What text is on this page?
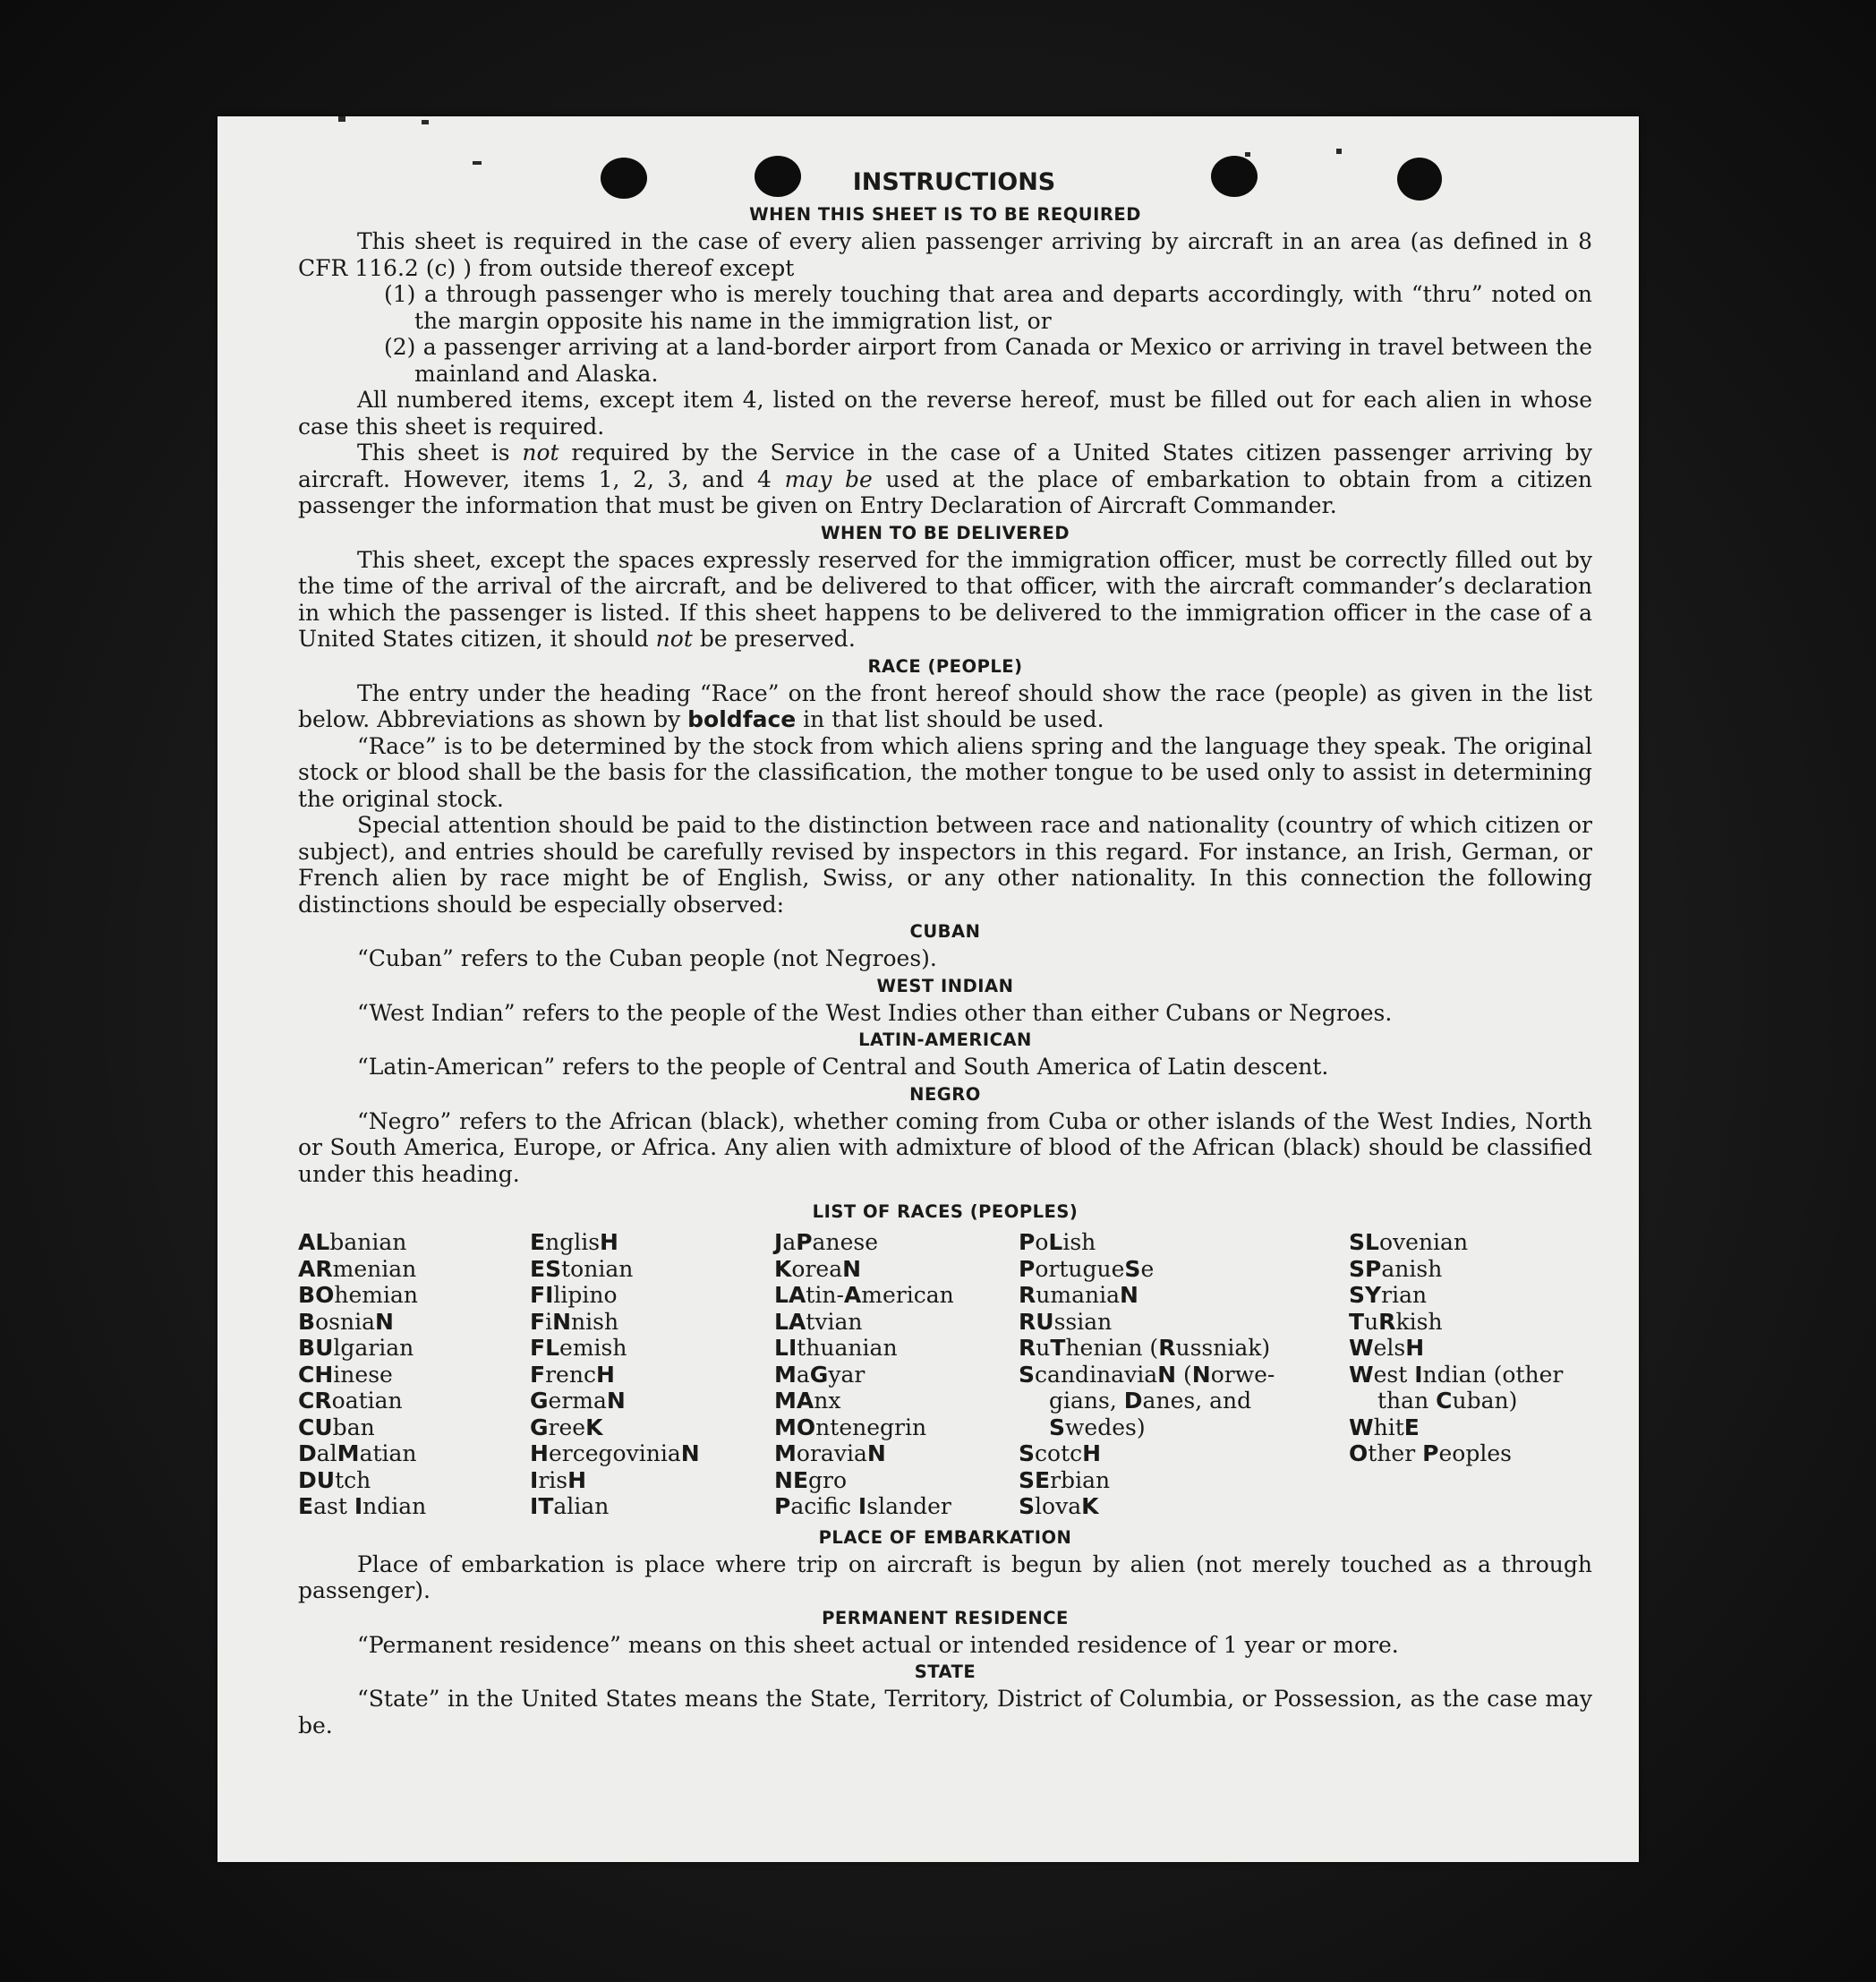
INSTRUCTIONS
WHEN THIS SHEET IS TO BE REQUIRED

This sheet is required in the case of every alien passenger arriving by aircraft in an area (as defined in 8 CFR 116.2 (c) ) from outside thereof except

(1) a through passenger who is merely touching that area and departs accordingly, with “thru” noted on the margin opposite his name in the immigration list, or

(2) a passenger arriving at a land-border airport from Canada or Mexico or arriving in travel between the mainland and Alaska.

All numbered items, except item 4, listed on the reverse hereof, must be filled out for each alien in whose case this sheet is required.

This sheet is not required by the Service in the case of a United States citizen passenger arriving by aircraft. However, items 1, 2, 3, and 4 may be used at the place of embarkation to obtain from a citizen passenger the information that must be given on Entry Declaration of Aircraft Commander.

WHEN TO BE DELIVERED

This sheet, except the spaces expressly reserved for the immigration officer, must be correctly filled out by the time of the arrival of the aircraft, and be delivered to that officer, with the aircraft commander’s declaration in which the passenger is listed. If this sheet happens to be delivered to the immigration officer in the case of a United States citizen, it should not be preserved.

RACE (PEOPLE)

The entry under the heading “Race” on the front hereof should show the race (people) as given in the list below. Abbreviations as shown by boldface in that list should be used.

“Race” is to be determined by the stock from which aliens spring and the language they speak. The original stock or blood shall be the basis for the classification, the mother tongue to be used only to assist in determining the original stock.

Special attention should be paid to the distinction between race and nationality (country of which citizen or subject), and entries should be carefully revised by inspectors in this regard. For instance, an Irish, German, or French alien by race might be of English, Swiss, or any other nationality. In this connection the following distinctions should be especially observed:

CUBAN

“Cuban” refers to the Cuban people (not Negroes).

WEST INDIAN

“West Indian” refers to the people of the West Indies other than either Cubans or Negroes.

LATIN-AMERICAN

“Latin-American” refers to the people of Central and South America of Latin descent.

NEGRO

“Negro” refers to the African (black), whether coming from Cuba or other islands of the West Indies, North or South America, Europe, or Africa. Any alien with admixture of blood of the African (black) should be classified under this heading.

LIST OF RACES (PEOPLES)
ALbanian
ARmenian
BOhemian
BosniaN
BUlgarian
CHinese
CRoatian
CUban
DalMatian
DUtch
East Indian
EnglisH
EStonian
FIlipino
FiNnish
FLemish
FrencH
GermaN
GreeK
HercegoviniaN
IrisH
ITalian
JaPanese
KoreaN
LAtin-American
LAtvian
LIthuanian
MaGyar
MAnx
MOntenegrin
MoraviaN
NEgro
Pacifc Islander
PoLish
PortugueSe
RumaniaN
RUssian
RuThenian (Russniak)
ScandinaviaN (Norwe-
gians, Danes, and
Swedes)
ScotcH
SErbian
SlovaK
SLovenian
SPanish
SYrian
TuRkish
WelsH
West Indian (other
than Cuban)
WhitE
Other Peoples
PLACE OF EMBARKATION

Place of embarkation is place where trip on aircraft is begun by alien (not merely touched as a through passenger).

PERMANENT RESIDENCE

“Permanent residence” means on this sheet actual or intended residence of 1 year or more.

STATE

“State” in the United States means the State, Territory, District of Columbia, or Possession, as the case may be.
